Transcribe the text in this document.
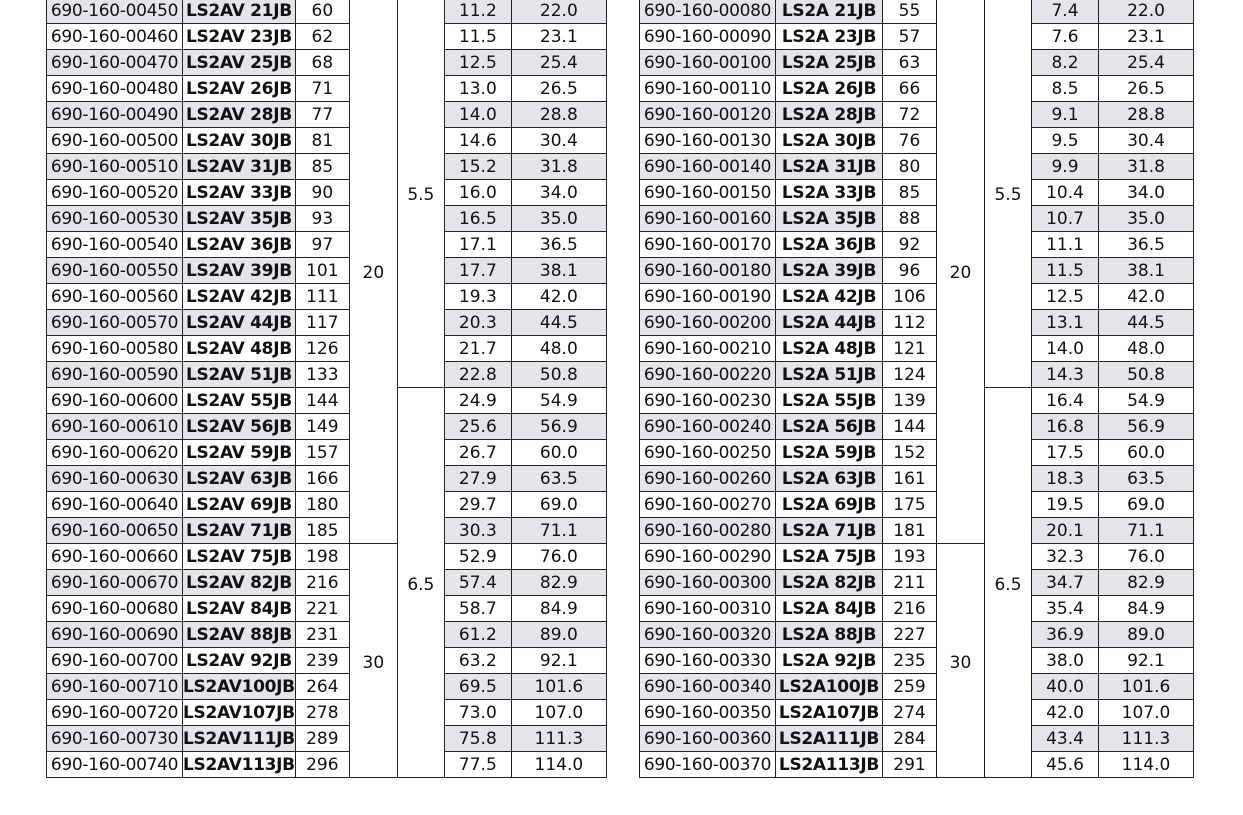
690-160-00450	LS2AV 21JB	60	20	5.5	11.2	22.0
690-160-00460	LS2AV 23JB	62			11.5	23.1
690-160-00470	LS2AV 25JB	68			12.5	25.4
690-160-00480	LS2AV 26JB	71			13.0	26.5
690-160-00490	LS2AV 28JB	77			14.0	28.8
690-160-00500	LS2AV 30JB	81			14.6	30.4
690-160-00510	LS2AV 31JB	85			15.2	31.8
690-160-00520	LS2AV 33JB	90			16.0	34.0
690-160-00530	LS2AV 35JB	93			16.5	35.0
690-160-00540	LS2AV 36JB	97			17.1	36.5
690-160-00550	LS2AV 39JB	101			17.7	38.1
690-160-00560	LS2AV 42JB	111			19.3	42.0
690-160-00570	LS2AV 44JB	117			20.3	44.5
690-160-00580	LS2AV 48JB	126			21.7	48.0
690-160-00590	LS2AV 51JB	133			22.8	50.8
690-160-00600	LS2AV 55JB	144		6.5	24.9	54.9
690-160-00610	LS2AV 56JB	149			25.6	56.9
690-160-00620	LS2AV 59JB	157			26.7	60.0
690-160-00630	LS2AV 63JB	166			27.9	63.5
690-160-00640	LS2AV 69JB	180			29.7	69.0
690-160-00650	LS2AV 71JB	185			30.3	71.1
690-160-00660	LS2AV 75JB	198	30		52.9	76.0
690-160-00670	LS2AV 82JB	216			57.4	82.9
690-160-00680	LS2AV 84JB	221			58.7	84.9
690-160-00690	LS2AV 88JB	231			61.2	89.0
690-160-00700	LS2AV 92JB	239			63.2	92.1
690-160-00710	LS2AV100JB	264			69.5	101.6
690-160-00720	LS2AV107JB	278			73.0	107.0
690-160-00730	LS2AV111JB	289			75.8	111.3
690-160-00740	LS2AV113JB	296			77.5	114.0
690-160-00080	LS2A 21JB	55	20	5.5	7.4	22.0
690-160-00090	LS2A 23JB	57			7.6	23.1
690-160-00100	LS2A 25JB	63			8.2	25.4
690-160-00110	LS2A 26JB	66			8.5	26.5
690-160-00120	LS2A 28JB	72			9.1	28.8
690-160-00130	LS2A 30JB	76			9.5	30.4
690-160-00140	LS2A 31JB	80			9.9	31.8
690-160-00150	LS2A 33JB	85			10.4	34.0
690-160-00160	LS2A 35JB	88			10.7	35.0
690-160-00170	LS2A 36JB	92			11.1	36.5
690-160-00180	LS2A 39JB	96			11.5	38.1
690-160-00190	LS2A 42JB	106			12.5	42.0
690-160-00200	LS2A 44JB	112			13.1	44.5
690-160-00210	LS2A 48JB	121			14.0	48.0
690-160-00220	LS2A 51JB	124			14.3	50.8
690-160-00230	LS2A 55JB	139		6.5	16.4	54.9
690-160-00240	LS2A 56JB	144			16.8	56.9
690-160-00250	LS2A 59JB	152			17.5	60.0
690-160-00260	LS2A 63JB	161			18.3	63.5
690-160-00270	LS2A 69JB	175			19.5	69.0
690-160-00280	LS2A 71JB	181			20.1	71.1
690-160-00290	LS2A 75JB	193	30		32.3	76.0
690-160-00300	LS2A 82JB	211			34.7	82.9
690-160-00310	LS2A 84JB	216			35.4	84.9
690-160-00320	LS2A 88JB	227			36.9	89.0
690-160-00330	LS2A 92JB	235			38.0	92.1
690-160-00340	LS2A100JB	259			40.0	101.6
690-160-00350	LS2A107JB	274			42.0	107.0
690-160-00360	LS2A111JB	284			43.4	111.3
690-160-00370	LS2A113JB	291			45.6	114.0
